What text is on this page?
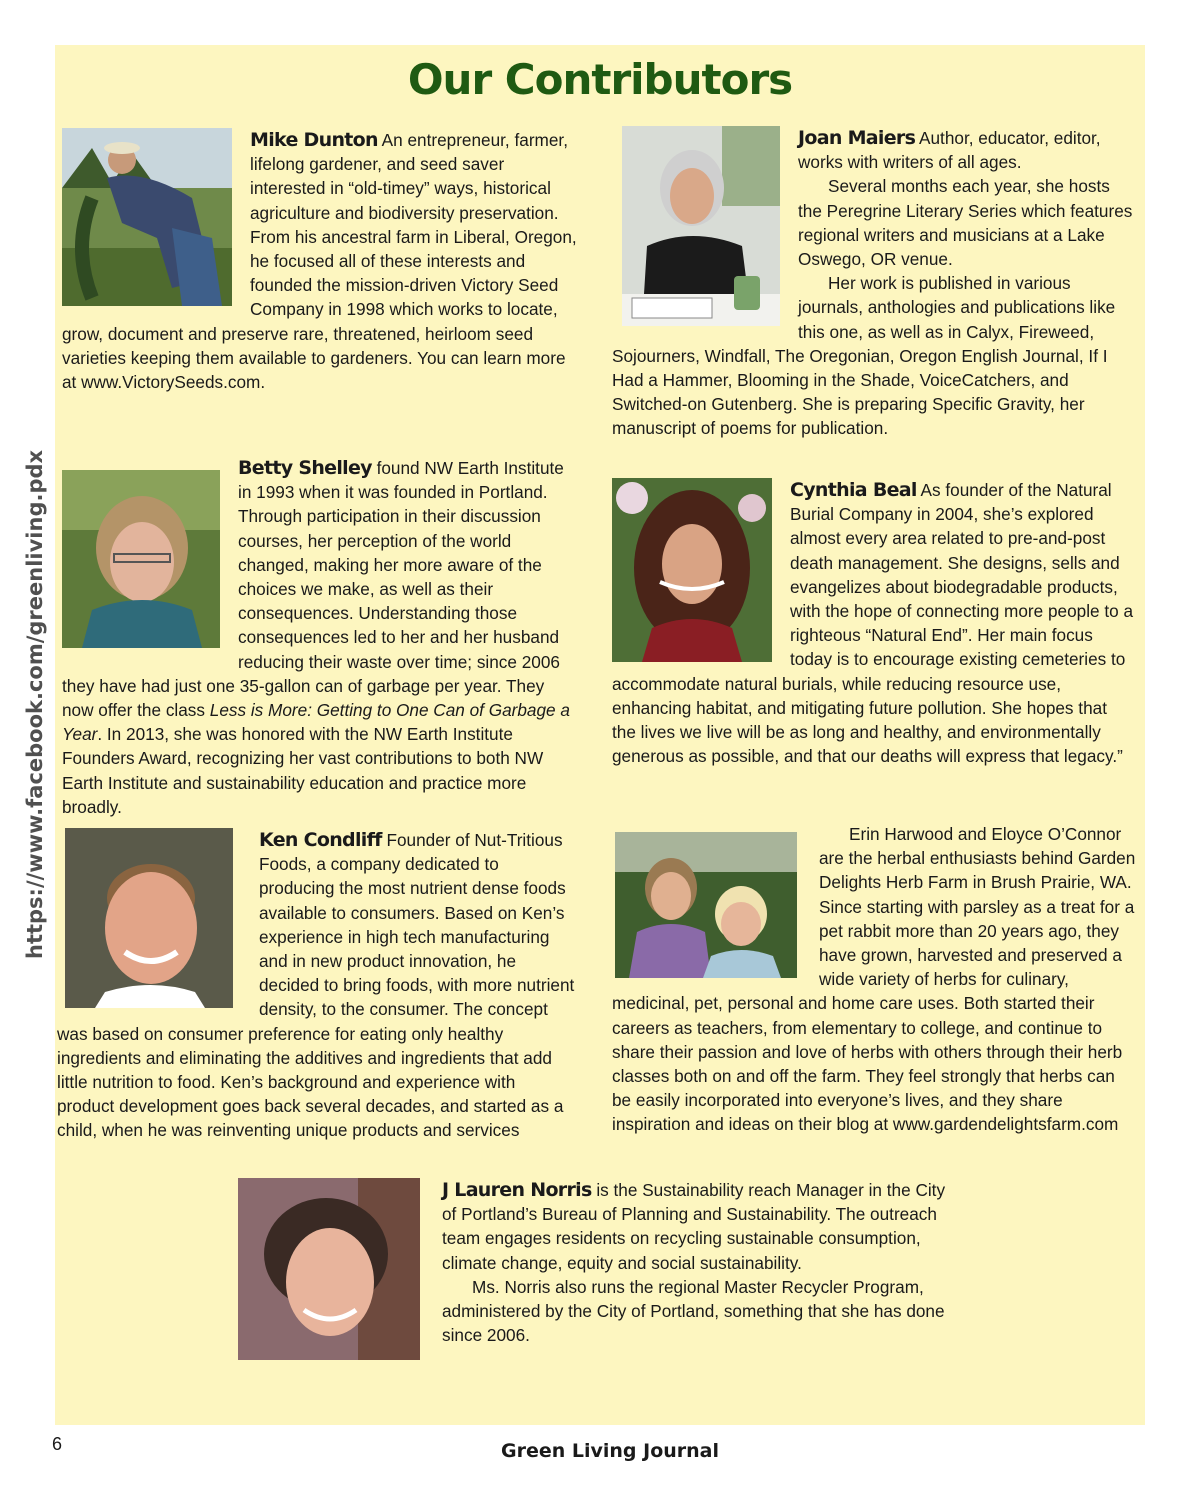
Our Contributors
https://www.facebook.com/greenliving.pdx

Mike Dunton An entrepreneur, farmer, lifelong gardener, and seed saver interested in “old-timey” ways, historical agriculture and biodiversity preservation. From his ancestral farm in Liberal, Oregon, he focused all of these interests and founded the mission-driven Victory Seed Company in 1998 which works to locate, grow, document and preserve rare, threatened, heirloom seed varieties keeping them available to gardeners. You can learn more at www.VictorySeeds.com.

Joan Maiers Author, educator, editor, works with writers of all ages.

Several months each year, she hosts the Peregrine Literary Series which features regional writers and musicians at a Lake Oswego, OR venue.

Her work is published in various journals, anthologies and publications like this one, as well as in Calyx, Fireweed, Sojourners, Windfall, The Oregonian, Oregon English Journal, If I Had a Hammer, Blooming in the Shade, VoiceCatchers, and Switched-on Gutenberg. She is preparing Specific Gravity, her manuscript of poems for publication.

Betty Shelley found NW Earth Institute in 1993 when it was founded in Portland. Through participation in their discussion courses, her perception of the world changed, making her more aware of the choices we make, as well as their consequences. Understanding those consequences led to her and her husband reducing their waste over time; since 2006 they have had just one 35-gallon can of garbage per year. They now offer the class Less is More: Getting to One Can of Garbage a Year. In 2013, she was honored with the NW Earth Institute Founders Award, recognizing her vast contributions to both NW Earth Institute and sustainability education and practice more broadly.

Cynthia Beal As founder of the Natural Burial Company in 2004, she’s explored almost every area related to pre-and-post death management. She designs, sells and evangelizes about biodegradable products, with the hope of connecting more people to a righteous “Natural End”. Her main focus today is to encourage existing cemeteries to accommodate natural burials, while reducing resource use, enhancing habitat, and mitigating future pollution. She hopes that the lives we live will be as long and healthy, and environmentally generous as possible, and that our deaths will express that legacy.”

Ken Condliff Founder of Nut-Tritious Foods, a company dedicated to producing the most nutrient dense foods available to consumers. Based on Ken’s experience in high tech manufacturing and in new product innovation, he decided to bring foods, with more nutrient density, to the consumer. The concept was based on consumer preference for eating only healthy ingredients and eliminating the additives and ingredients that add little nutrition to food. Ken’s background and experience with product development goes back several decades, and started as a child, when he was reinventing unique products and services

Erin Harwood and Eloyce O’Connor are the herbal enthusiasts behind Garden Delights Herb Farm in Brush Prairie, WA. Since starting with parsley as a treat for a pet rabbit more than 20 years ago, they have grown, harvested and preserved a wide variety of herbs for culinary, medicinal, pet, personal and home care uses. Both started their careers as teachers, from elementary to college, and continue to share their passion and love of herbs with others through their herb classes both on and off the farm. They feel strongly that herbs can be easily incorporated into everyone’s lives, and they share inspiration and ideas on their blog at www.gardendelightsfarm.com

J Lauren Norris is the Sustainability reach Manager in the City of Portland’s Bureau of Planning and Sustainability. The outreach team engages residents on recycling sustainable consumption, climate change, equity and social sustainability.

Ms. Norris also runs the regional Master Recycler Program, administered by the City of Portland, something that she has done since 2006.

6	Green Living Journal
